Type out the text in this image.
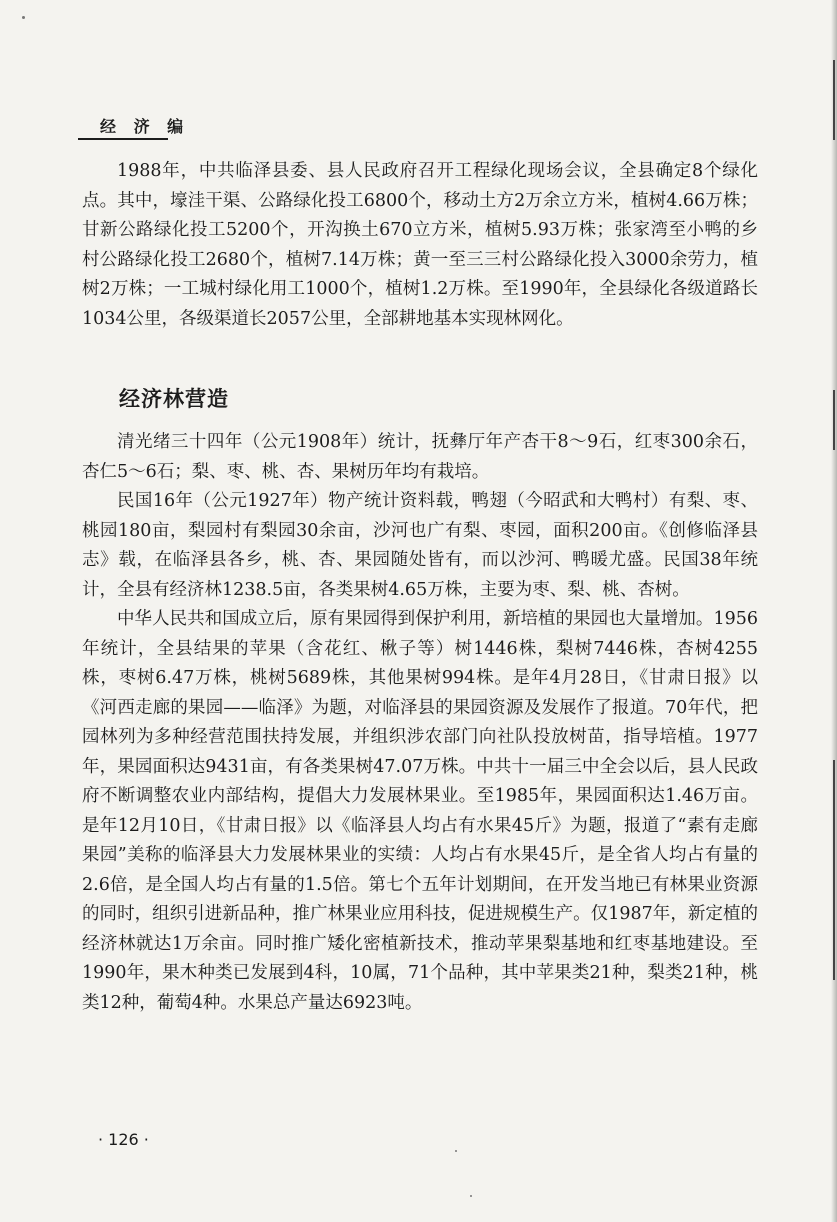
经 济 编

1988年，中共临泽县委、县人民政府召开工程绿化现场会议，全县确定8个绿化点。其中，壕洼干渠、公路绿化投工6800个，移动土方2万余立方米，植树4.66万株；甘新公路绿化投工5200个，开沟换土670立方米，植树5.93万株；张家湾至小鸭的乡村公路绿化投工2680个，植树7.14万株；黄一至三三村公路绿化投入3000余劳力，植树2万株；一工城村绿化用工1000个，植树1.2万株。至1990年，全县绿化各级道路长1034公里，各级渠道长2057公里，全部耕地基本实现林网化。

经济林营造

清光绪三十四年（公元1908年）统计，抚彝厅年产杏干8～9石，红枣300余石，杏仁5～6石；梨、枣、桃、杏、果树历年均有栽培。

民国16年（公元1927年）物产统计资料载，鸭翅（今昭武和大鸭村）有梨、枣、桃园180亩，梨园村有梨园30余亩，沙河也广有梨、枣园，面积200亩。《创修临泽县志》载，在临泽县各乡，桃、杏、果园随处皆有，而以沙河、鸭暖尤盛。民国38年统计，全县有经济林1238.5亩，各类果树4.65万株，主要为枣、梨、桃、杏树。

中华人民共和国成立后，原有果园得到保护利用，新培植的果园也大量增加。1956年统计，全县结果的苹果（含花红、楸子等）树1446株，梨树7446株，杏树4255株，枣树6.47万株，桃树5689株，其他果树994株。是年4月28日，《甘肃日报》以《河西走廊的果园——临泽》为题，对临泽县的果园资源及发展作了报道。70年代，把园林列为多种经营范围扶持发展，并组织涉农部门向社队投放树苗，指导培植。1977年，果园面积达9431亩，有各类果树47.07万株。中共十一届三中全会以后，县人民政府不断调整农业内部结构，提倡大力发展林果业。至1985年，果园面积达1.46万亩。是年12月10日，《甘肃日报》以《临泽县人均占有水果45斤》为题，报道了“素有走廊果园”美称的临泽县大力发展林果业的实绩：人均占有水果45斤，是全省人均占有量的2.6倍，是全国人均占有量的1.5倍。第七个五年计划期间，在开发当地已有林果业资源的同时，组织引进新品种，推广林果业应用科技，促进规模生产。仅1987年，新定植的经济林就达1万余亩。同时推广矮化密植新技术，推动苹果梨基地和红枣基地建设。至1990年，果木种类已发展到4科，10属，71个品种，其中苹果类21种，梨类21种，桃类12种，葡萄4种。水果总产量达6923吨。

· 126 ·
